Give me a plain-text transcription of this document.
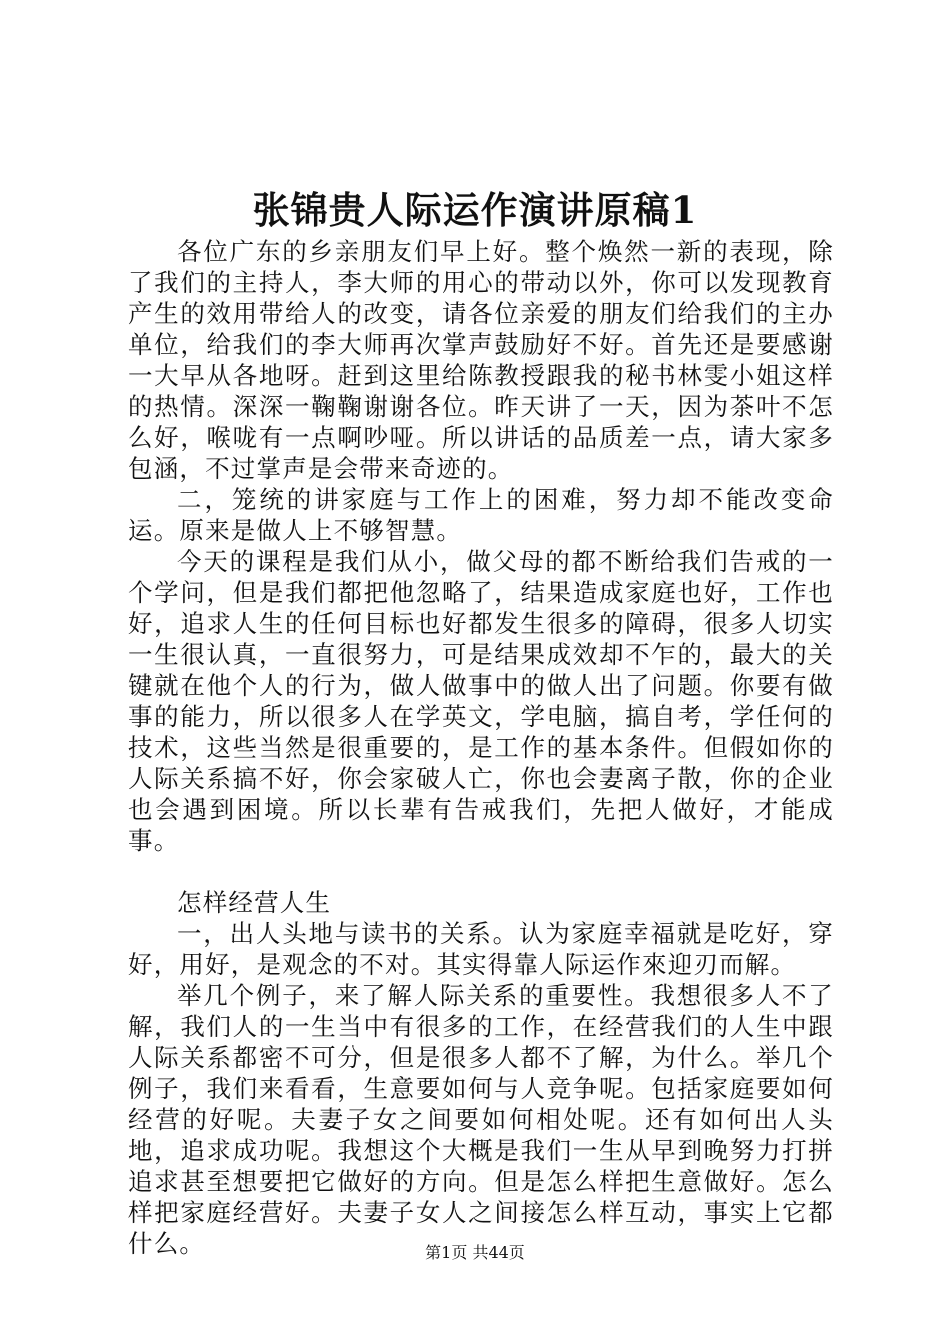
张锦贵人际运作演讲原稿1

各位广东的乡亲朋友们早上好。整个焕然一新的表现，除了我们的主持人，李大师的用心的带动以外，你可以发现教育产生的效用带给人的改变，请各位亲爱的朋友们给我们的主办单位，给我们的李大师再次掌声鼓励好不好。首先还是要感谢一大早从各地呀。赶到这里给陈教授跟我的秘书林雯小姐这样的热情。深深一鞠鞠谢谢各位。昨天讲了一天，因为茶叶不怎么好，喉咙有一点啊吵哑。所以讲话的品质差一点，请大家多包涵，不过掌声是会带来奇迹的。

二，笼统的讲家庭与工作上的困难，努力却不能改变命运。原来是做人上不够智慧。

今天的课程是我们从小，做父母的都不断给我们告戒的一个学问，但是我们都把他忽略了，结果造成家庭也好，工作也好，追求人生的任何目标也好都发生很多的障碍，很多人切实一生很认真，一直很努力，可是结果成效却不乍的，最大的关键就在他个人的行为，做人做事中的做人出了问题。你要有做事的能力，所以很多人在学英文，学电脑，搞自考，学任何的技术，这些当然是很重要的，是工作的基本条件。但假如你的人际关系搞不好，你会家破人亡，你也会妻离子散，你的企业也会遇到困境。所以长辈有告戒我们，先把人做好，才能成事。

怎样经营人生

一，出人头地与读书的关系。认为家庭幸福就是吃好，穿好，用好，是观念的不对。其实得靠人际运作來迎刃而解。

举几个例子，来了解人际关系的重要性。我想很多人不了解，我们人的一生当中有很多的工作，在经营我们的人生中跟人际关系都密不可分，但是很多人都不了解，为什么。举几个例子，我们来看看，生意要如何与人竞争呢。包括家庭要如何经营的好呢。夫妻子女之间要如何相处呢。还有如何出人头地，追求成功呢。我想这个大概是我们一生从早到晚努力打拼追求甚至想要把它做好的方向。但是怎么样把生意做好。怎么样把家庭经营好。夫妻子女人之间接怎么样互动，事实上它都什么。	第1页 共44页
